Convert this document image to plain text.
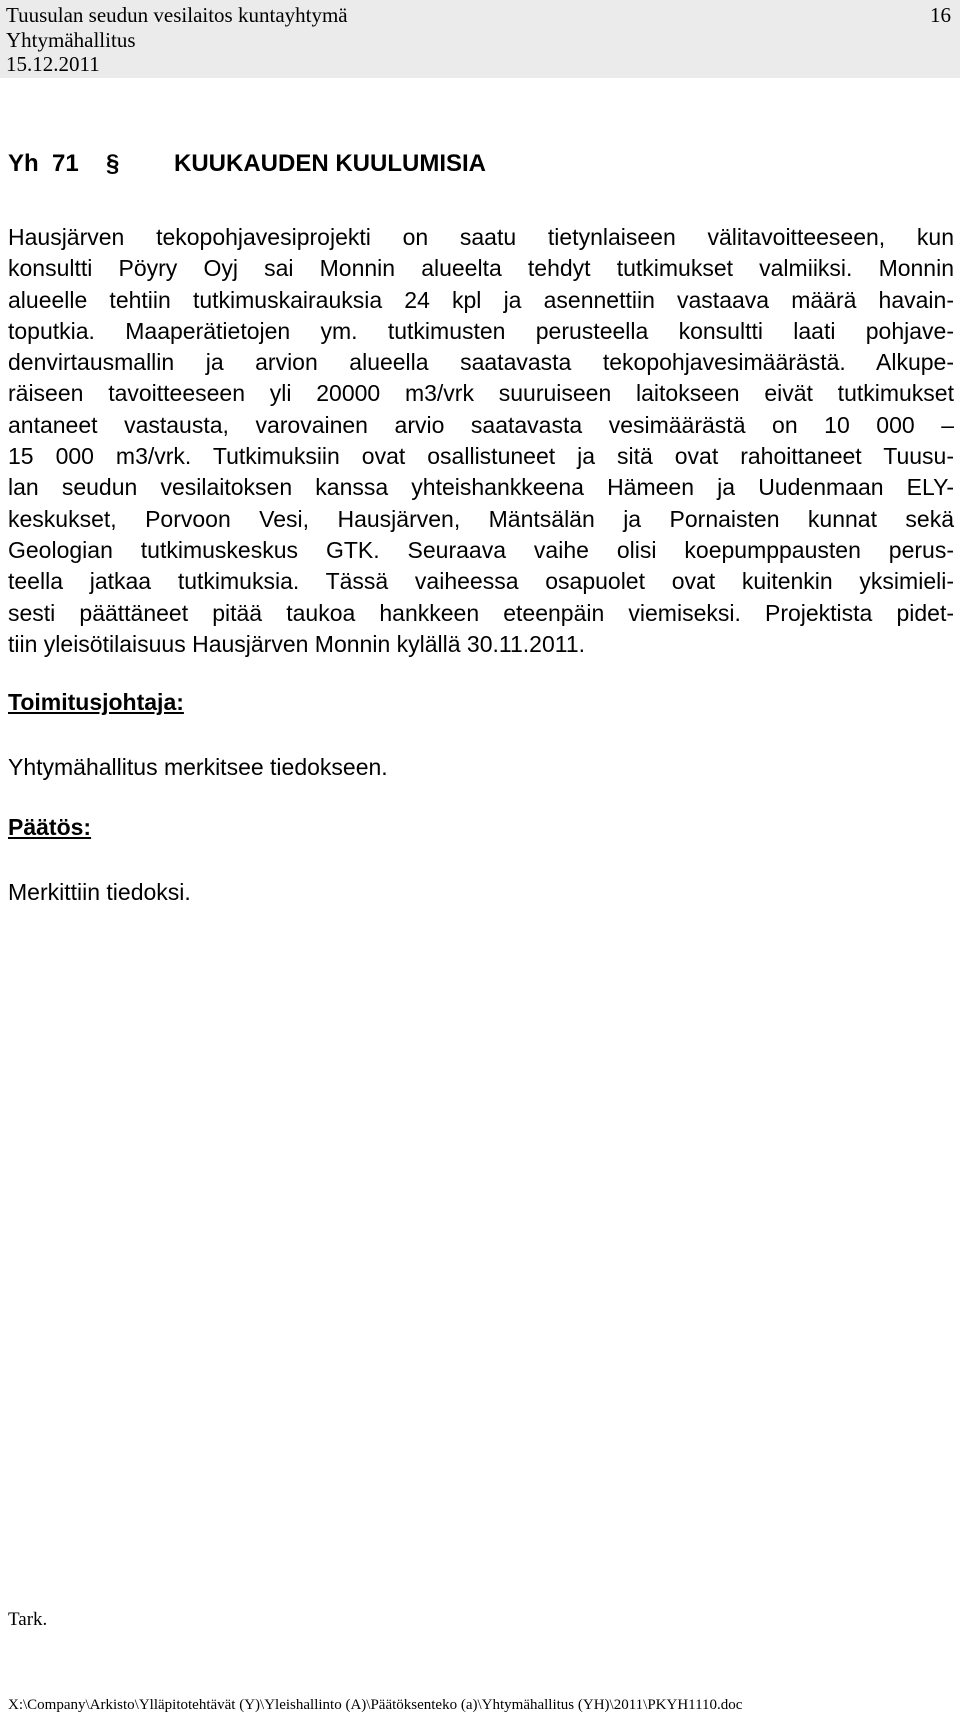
Tuusulan seudun vesilaitos kuntayhtymä
Yhtymähallitus
15.12.2011
16
Yh  71 § KUUKAUDEN KUULUMISIA
Hausjärven tekopohjavesiprojekti on saatu tietynlaiseen välitavoitteeseen, kun
konsultti Pöyry Oyj sai Monnin alueelta tehdyt tutkimukset valmiiksi. Monnin
alueelle tehtiin tutkimuskairauksia 24 kpl ja asennettiin vastaava määrä havain-
toputkia. Maaperätietojen ym. tutkimusten perusteella konsultti laati pohjave-
denvirtausmallin ja arvion alueella saatavasta tekopohjavesimäärästä. Alkupe-
räiseen tavoitteeseen yli 20000 m3/vrk suuruiseen laitokseen eivät tutkimukset
antaneet vastausta, varovainen arvio saatavasta vesimäärästä on 10 000 –
15 000 m3/vrk. Tutkimuksiin ovat osallistuneet ja sitä ovat rahoittaneet Tuusu-
lan seudun vesilaitoksen kanssa yhteishankkeena Hämeen ja Uudenmaan ELY-
keskukset, Porvoon Vesi, Hausjärven, Mäntsälän ja Pornaisten kunnat sekä
Geologian tutkimuskeskus GTK. Seuraava vaihe olisi koepumppausten perus-
teella jatkaa tutkimuksia. Tässä vaiheessa osapuolet ovat kuitenkin yksimieli-
sesti päättäneet pitää taukoa hankkeen eteenpäin viemiseksi. Projektista pidet-
tiin yleisötilaisuus Hausjärven Monnin kylällä 30.11.2011.
Toimitusjohtaja:
Yhtymähallitus merkitsee tiedokseen.
Päätös:
Merkittiin tiedoksi.
Tark.
X:\Company\Arkisto\Ylläpitotehtävät (Y)\Yleishallinto (A)\Päätöksenteko (a)\Yhtymähallitus (YH)\2011\PKYH1110.doc
